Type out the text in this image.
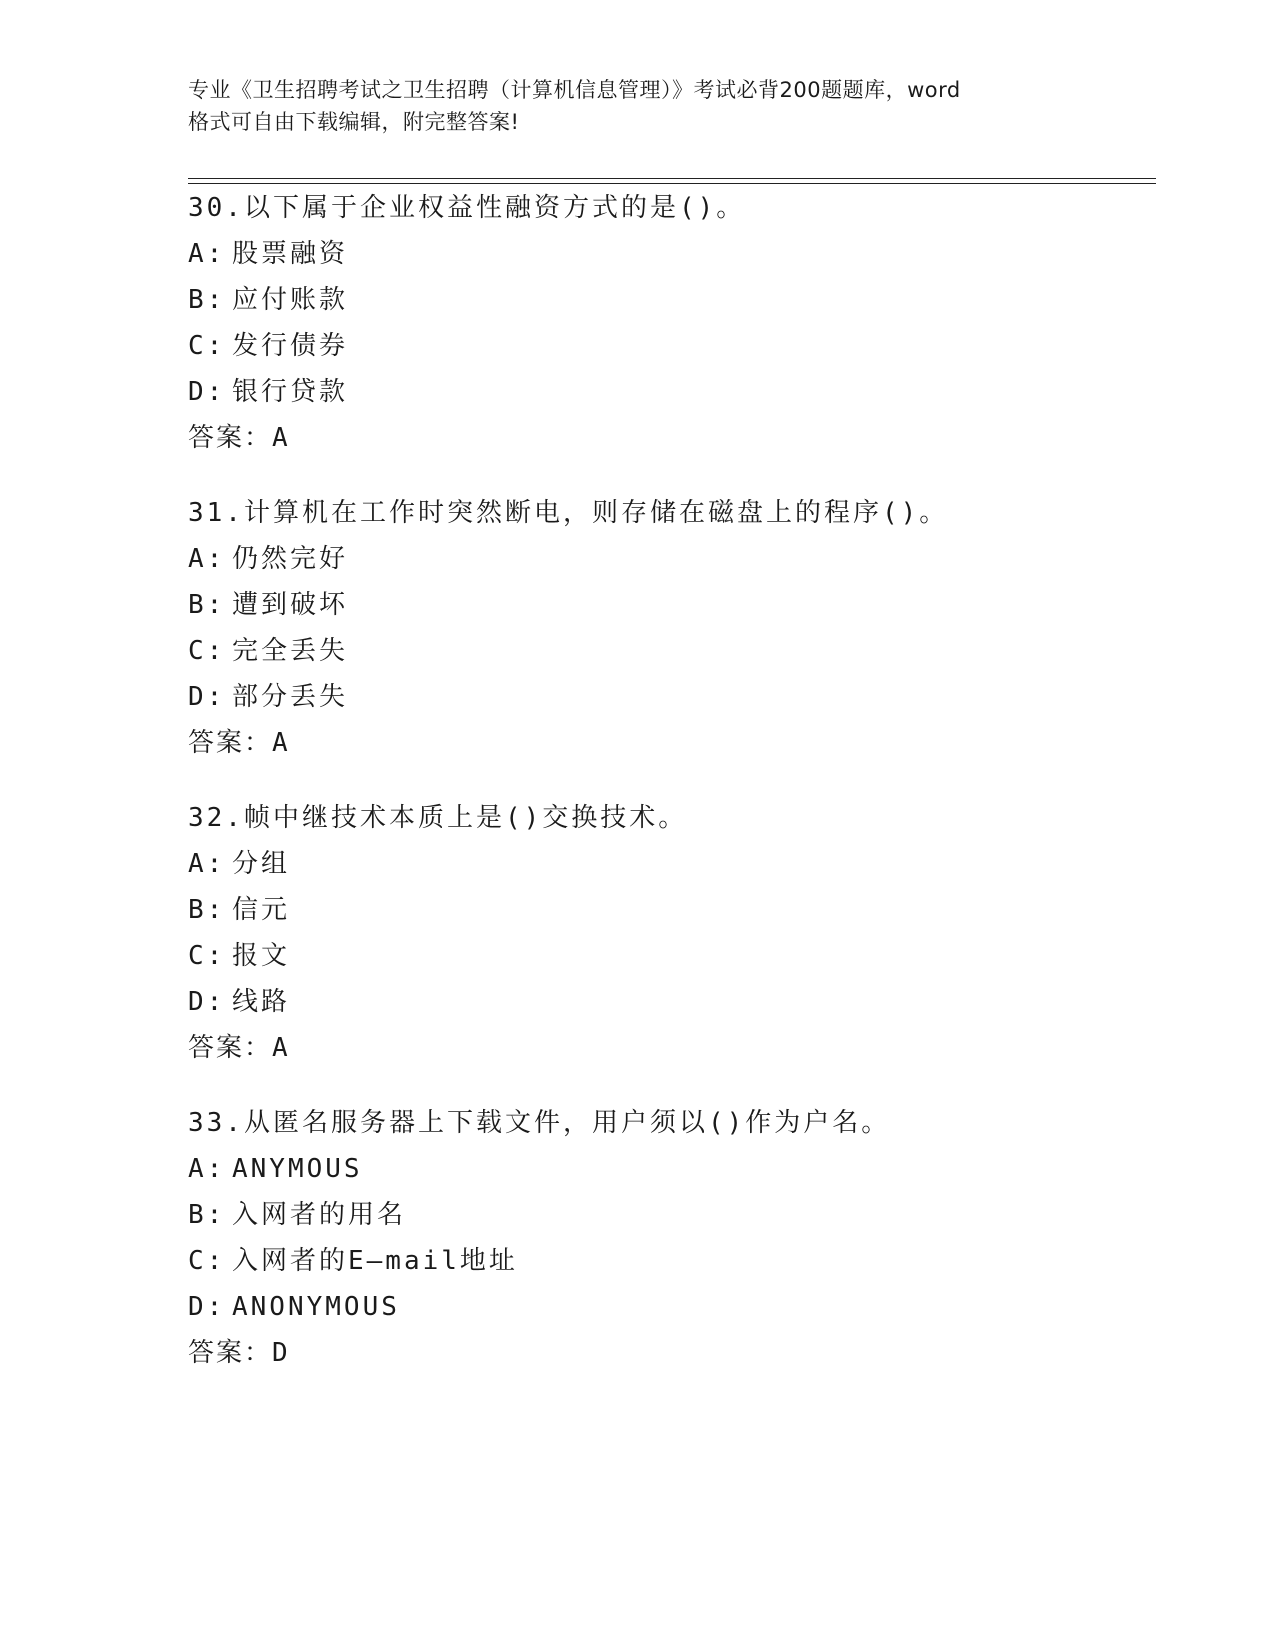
专业《卫生招聘考试之卫生招聘（计算机信息管理）》考试必背200题题库，word
格式可自由下载编辑，附完整答案!
30.以下属于企业权益性融资方式的是()。
A: 股票融资
B: 应付账款
C: 发行债券
D: 银行贷款
答案：A
31.计算机在工作时突然断电，则存储在磁盘上的程序()。
A: 仍然完好
B: 遭到破坏
C: 完全丢失
D: 部分丢失
答案：A
32.帧中继技术本质上是()交换技术。
A: 分组
B: 信元
C: 报文
D: 线路
答案：A
33.从匿名服务器上下载文件，用户须以()作为户名。
A: ANYMOUS
B: 入网者的用名
C: 入网者的E—mail地址
D: ANONYMOUS
答案：D
